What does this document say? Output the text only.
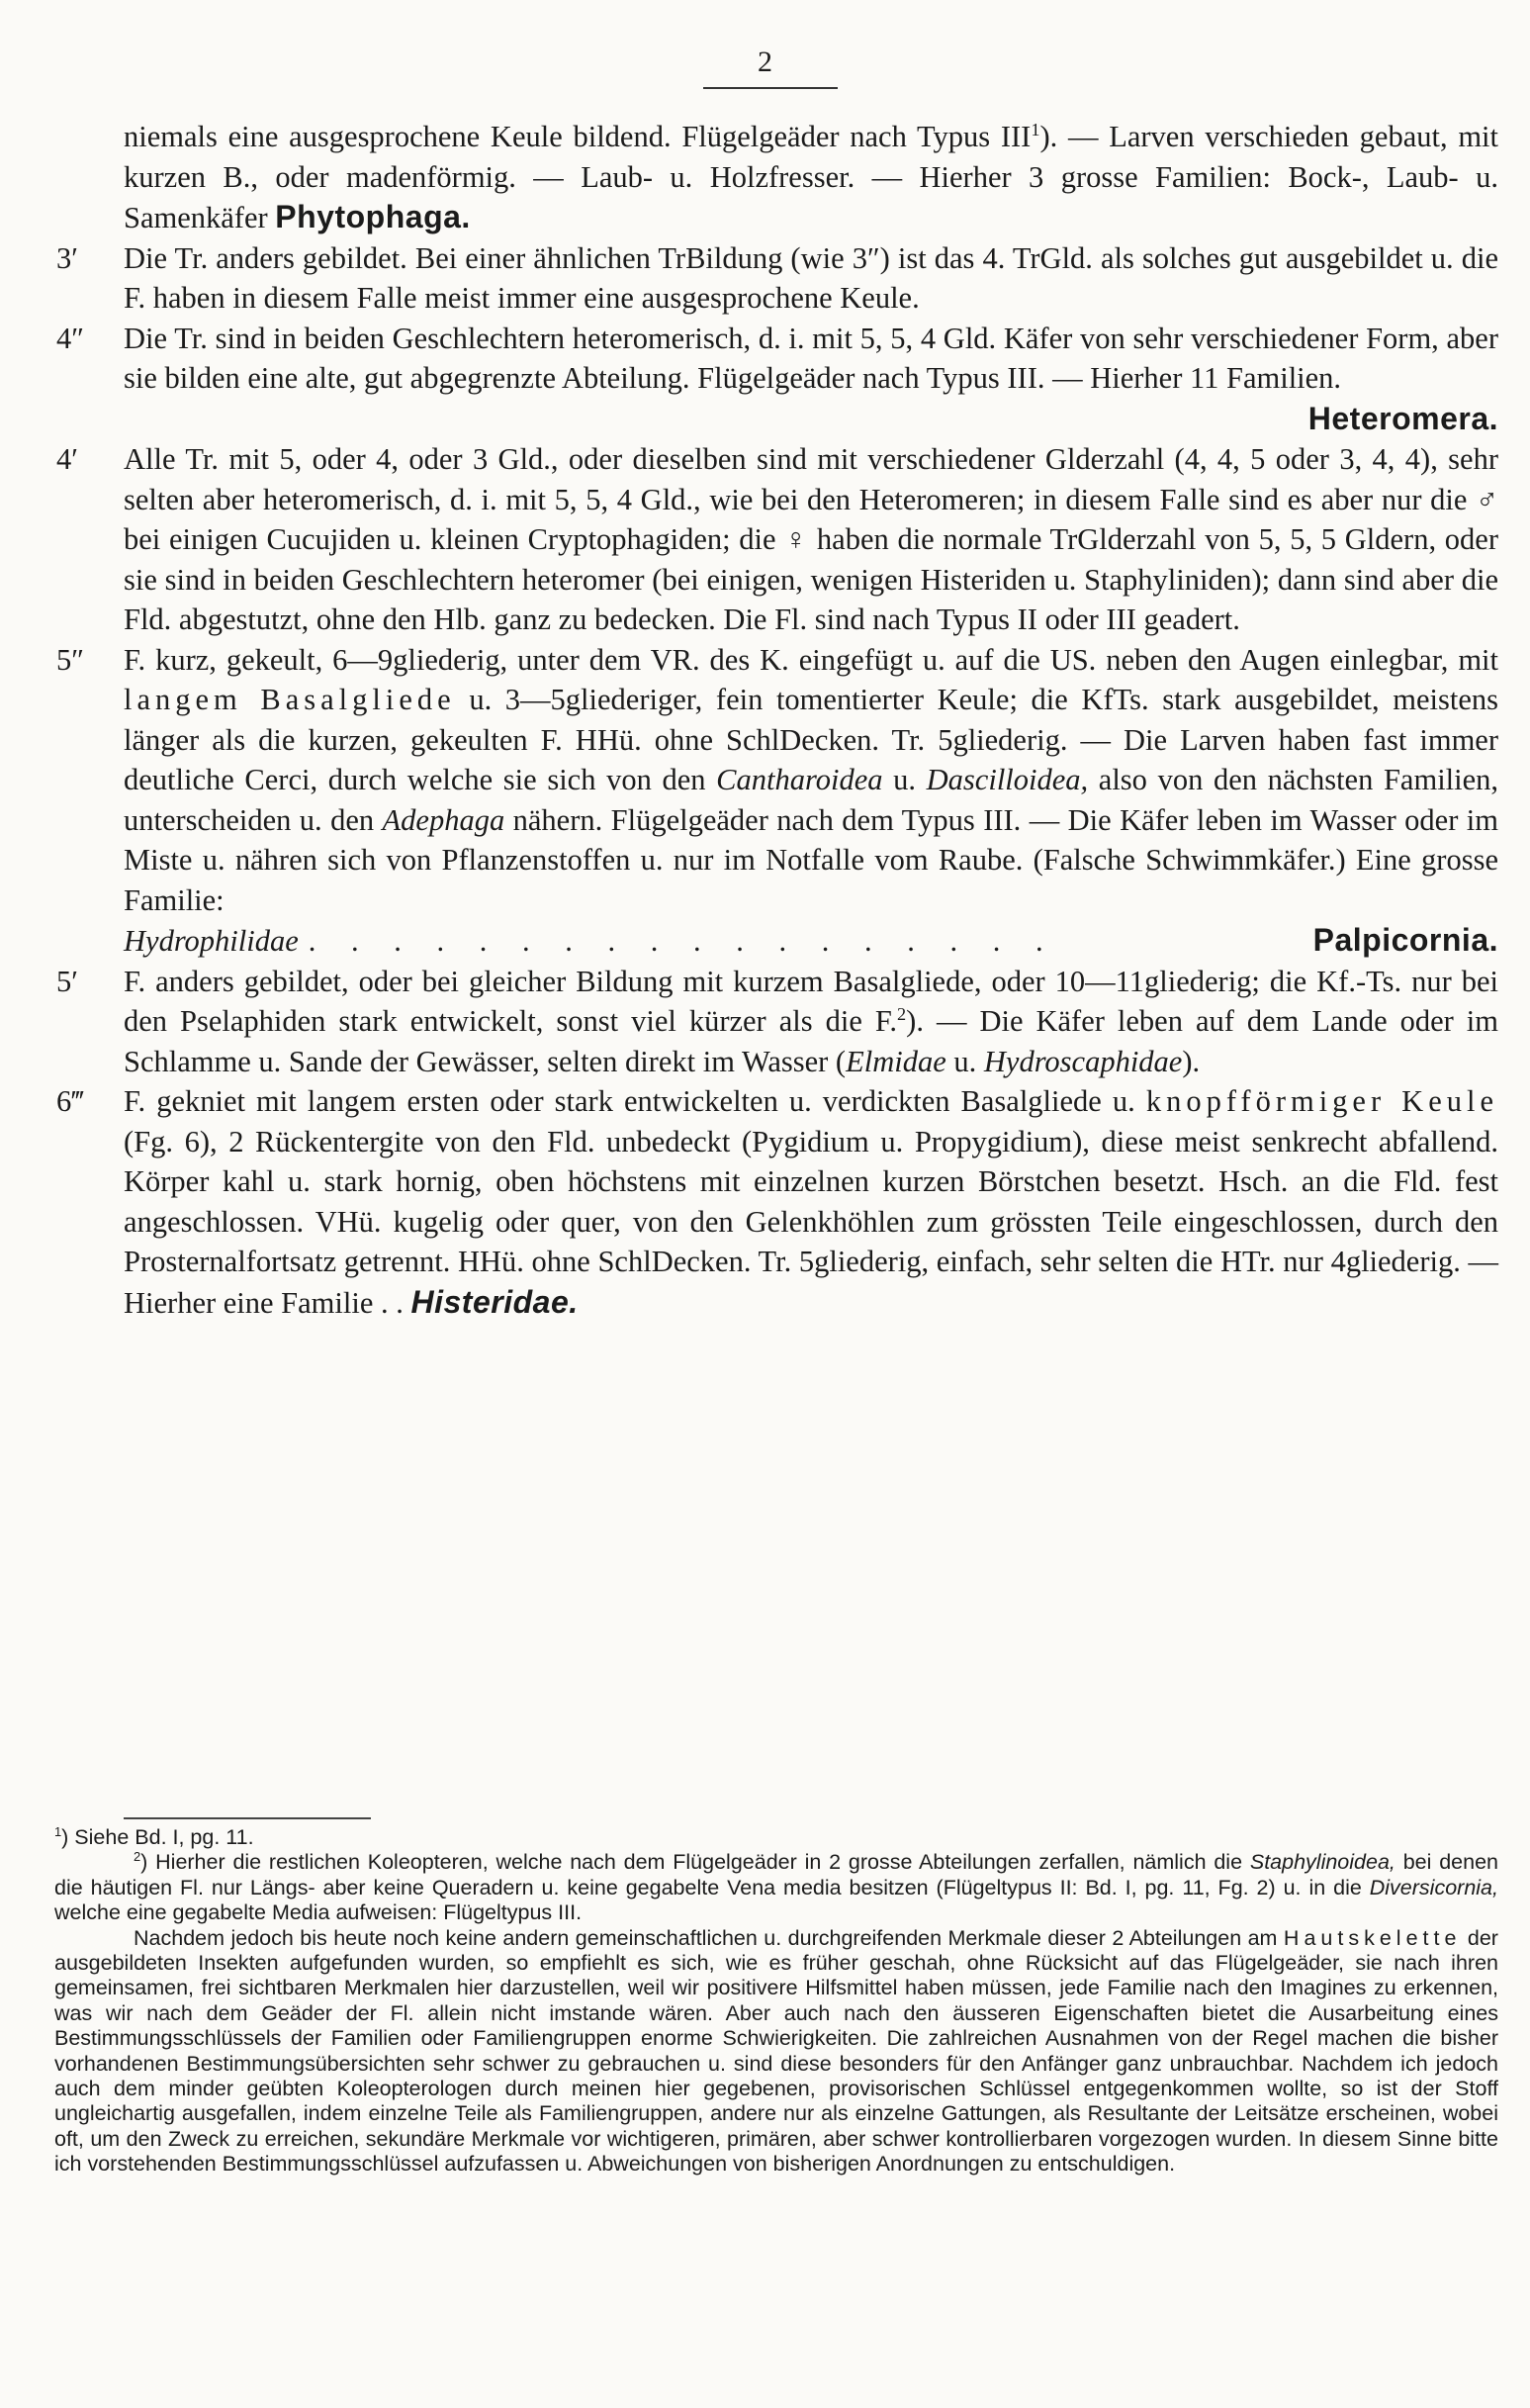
2
niemals eine ausgesprochene Keule bildend. Flügelgeäder nach Typus III$^1$). — Larven verschieden gebaut, mit kurzen B., oder madenförmig. — Laub- u. Holzfresser. — Hierher 3 grosse Familien: Bock-, Laub- u. Samenkäfer Phytophaga.
3′	Die Tr. anders gebildet. Bei einer ähnlichen TrBildung (wie 3″) ist das 4. TrGld. als solches gut ausgebildet u. die F. haben in diesem Falle meist immer eine ausgesprochene Keule.
4″	Die Tr. sind in beiden Geschlechtern heteromerisch, d. i. mit 5, 5, 4 Gld. Käfer von sehr verschiedener Form, aber sie bilden eine alte, gut abgegrenzte Abteilung. Flügelgeäder nach Typus III. — Hierher 11 Familien.
Heteromera.
4′	Alle Tr. mit 5, oder 4, oder 3 Gld., oder dieselben sind mit verschiedener Glderzahl (4, 4, 5 oder 3, 4, 4), sehr selten aber heteromerisch, d. i. mit 5, 5, 4 Gld., wie bei den Heteromeren; in diesem Falle sind es aber nur die ♂ bei einigen Cucujiden u. kleinen Cryptophagiden; die ♀ haben die normale TrGlderzahl von 5, 5, 5 Gldern, oder sie sind in beiden Geschlechtern heteromer (bei einigen, wenigen Histeriden u. Staphyliniden); dann sind aber die Fld. abgestutzt, ohne den Hlb. ganz zu bedecken. Die Fl. sind nach Typus II oder III geadert.
5″	F. kurz, gekeult, 6—9gliederig, unter dem VR. des K. eingefügt u. auf die US. neben den Augen einlegbar, mit langem Basalgliede u. 3—5gliederiger, fein tomentierter Keule; die KfTs. stark ausgebildet, meistens länger als die kurzen, gekeulten F. HHü. ohne SchlDecken. Tr. 5gliederig. — Die Larven haben fast immer deutliche Cerci, durch welche sie sich von den Cantharoidea u. Dascilloidea, also von den nächsten Familien, unterscheiden u. den Adephaga nähern. Flügelgeäder nach dem Typus III. — Die Käfer leben im Wasser oder im Miste u. nähren sich von Pflanzenstoffen u. nur im Notfalle vom Raube. (Falsche Schwimmkäfer.) Eine grosse Familie:
Hydrophilidae . . . . . . . . . . . . . . . . . .	Palpicornia.
5′	F. anders gebildet, oder bei gleicher Bildung mit kurzem Basalgliede, oder 10—11gliederig; die Kf.-Ts. nur bei den Pselaphiden stark entwickelt, sonst viel kürzer als die F.$^2$). — Die Käfer leben auf dem Lande oder im Schlamme u. Sande der Gewässer, selten direkt im Wasser (Elmidae u. Hydroscaphidae).
6‴	F. gekniet mit langem ersten oder stark entwickelten u. verdickten Basalgliede u. knopfförmiger Keule (Fg. 6), 2 Rückentergite von den Fld. unbedeckt (Pygidium u. Propygidium), diese meist senkrecht abfallend. Körper kahl u. stark hornig, oben höchstens mit einzelnen kurzen Börstchen besetzt. Hsch. an die Fld. fest angeschlossen. VHü. kugelig oder quer, von den Gelenkhöhlen zum grössten Teile eingeschlossen, durch den Prosternalfortsatz getrennt. HHü. ohne SchlDecken. Tr. 5gliederig, einfach, sehr selten die HTr. nur 4gliederig. — Hierher eine Familie . . Histeridae.
$^1$) Siehe Bd. I, pg. 11.
$^2$) Hierher die restlichen Koleopteren, welche nach dem Flügelgeäder in 2 grosse Abteilungen zerfallen, nämlich die Staphylinoidea, bei denen die häutigen Fl. nur Längs- aber keine Queradern u. keine gegabelte Vena media besitzen (Flügeltypus II: Bd. I, pg. 11, Fg. 2) u. in die Diversicornia, welche eine gegabelte Media aufweisen: Flügeltypus III.
Nachdem jedoch bis heute noch keine andern gemeinschaftlichen u. durchgreifenden Merkmale dieser 2 Abteilungen am Hautskelette der ausgebildeten Insekten aufgefunden wurden, so empfiehlt es sich, wie es früher geschah, ohne Rücksicht auf das Flügelgeäder, sie nach ihren gemeinsamen, frei sichtbaren Merkmalen hier darzustellen, weil wir positivere Hilfsmittel haben müssen, jede Familie nach den Imagines zu erkennen, was wir nach dem Geäder der Fl. allein nicht imstande wären. Aber auch nach den äusseren Eigenschaften bietet die Ausarbeitung eines Bestimmungsschlüssels der Familien oder Familiengruppen enorme Schwierigkeiten. Die zahlreichen Ausnahmen von der Regel machen die bisher vorhandenen Bestimmungsübersichten sehr schwer zu gebrauchen u. sind diese besonders für den Anfänger ganz unbrauchbar. Nachdem ich jedoch auch dem minder geübten Koleopterologen durch meinen hier gegebenen, provisorischen Schlüssel entgegenkommen wollte, so ist der Stoff ungleichartig ausgefallen, indem einzelne Teile als Familiengruppen, andere nur als einzelne Gattungen, als Resultante der Leitsätze erscheinen, wobei oft, um den Zweck zu erreichen, sekundäre Merkmale vor wichtigeren, primären, aber schwer kontrollierbaren vorgezogen wurden. In diesem Sinne bitte ich vorstehenden Bestimmungsschlüssel aufzufassen u. Abweichungen von bisherigen Anordnungen zu entschuldigen.
